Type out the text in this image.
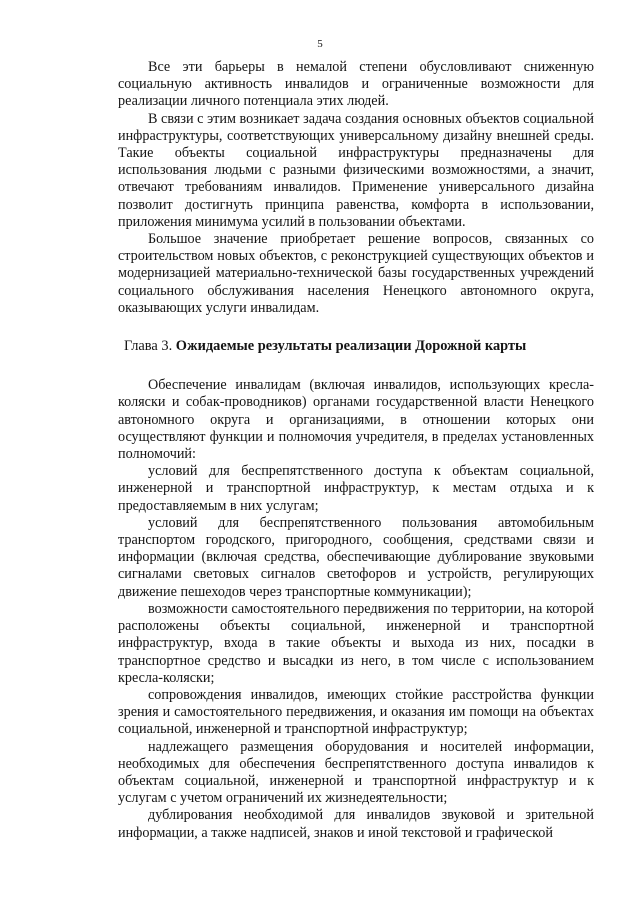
5

Все эти барьеры в немалой степени обусловливают сниженную социальную активность инвалидов и ограниченные возможности для реализации личного потенциала этих людей.

В связи с этим возникает задача создания основных объектов социальной инфраструктуры, соответствующих универсальному дизайну внешней среды. Такие объекты социальной инфраструктуры предназначены для использования людьми с разными физическими возможностями, а значит, отвечают требованиям инвалидов. Применение универсального дизайна позволит достигнуть принципа равенства, комфорта в использовании, приложения минимума усилий в пользовании объектами.

Большое значение приобретает решение вопросов, связанных со строительством новых объектов, с реконструкцией существующих объектов и модернизацией материально-технической базы государственных учреждений социального обслуживания населения Ненецкого автономного округа, оказывающих услуги инвалидам.

Глава 3. Ожидаемые результаты реализации Дорожной карты

Обеспечение инвалидам (включая инвалидов, использующих кресла-коляски и собак-проводников) органами государственной власти Ненецкого автономного округа и организациями, в отношении которых они осуществляют функции и полномочия учредителя, в пределах установленных полномочий:

условий для беспрепятственного доступа к объектам социальной, инженерной и транспортной инфраструктур, к местам отдыха и к предоставляемым в них услугам;

условий для беспрепятственного пользования автомобильным транспортом городского, пригородного, сообщения, средствами связи и информации (включая средства, обеспечивающие дублирование звуковыми сигналами световых сигналов светофоров и устройств, регулирующих движение пешеходов через транспортные коммуникации);

возможности самостоятельного передвижения по территории, на которой расположены объекты социальной, инженерной и транспортной инфраструктур, входа в такие объекты и выхода из них, посадки в транспортное средство и высадки из него, в том числе с использованием кресла-коляски;

сопровождения инвалидов, имеющих стойкие расстройства функции зрения и самостоятельного передвижения, и оказания им помощи на объектах социальной, инженерной и транспортной инфраструктур;

надлежащего размещения оборудования и носителей информации, необходимых для обеспечения беспрепятственного доступа инвалидов к объектам социальной, инженерной и транспортной инфраструктур и к услугам с учетом ограничений их жизнедеятельности;

дублирования необходимой для инвалидов звуковой и зрительной информации, а также надписей, знаков и иной текстовой и графической
